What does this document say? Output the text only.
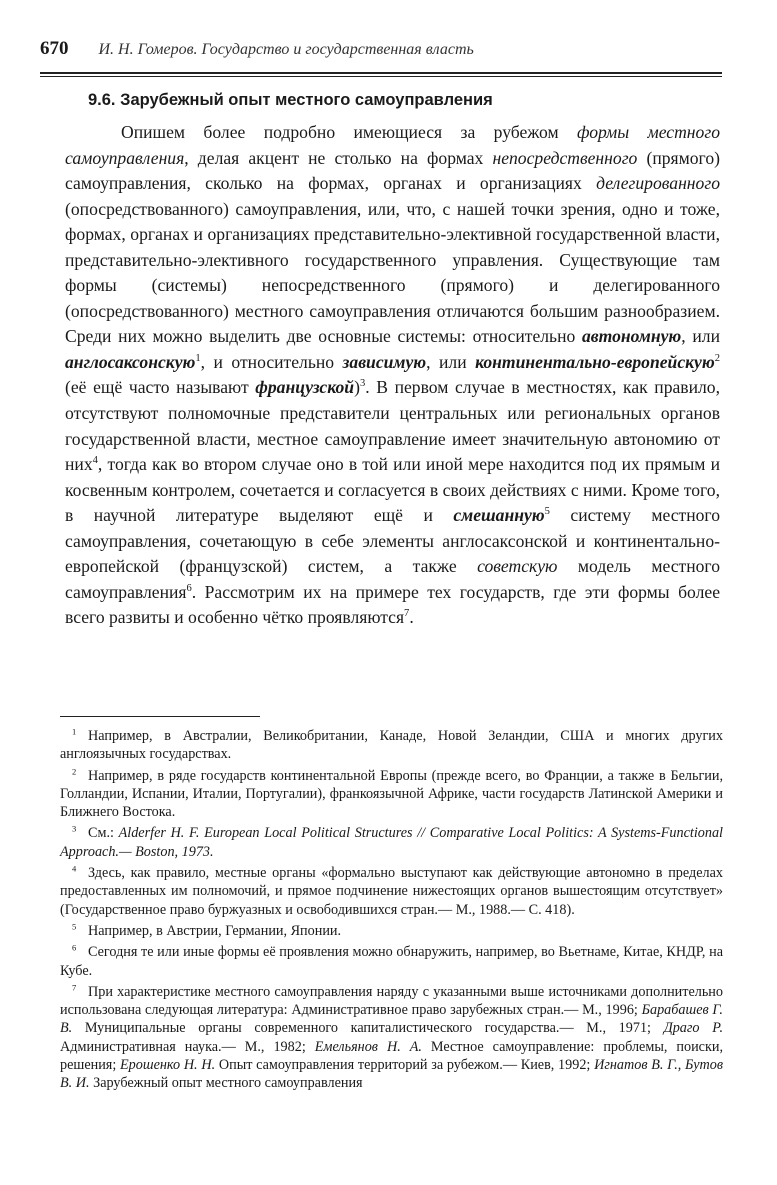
670 И. Н. Гомеров. Государство и государственная власть
9.6. Зарубежный опыт местного самоуправления

Опишем более подробно имеющиеся за рубежом формы местного самоуправления, делая акцент не столько на формах непосредственного (прямого) самоуправления, сколько на формах, органах и организациях делегированного (опосредствованного) самоуправления, или, что, с нашей точки зрения, одно и тоже, формах, органах и организациях представительно-элективной государственной власти, представительно-элективного государственного управления. Существующие там формы (системы) непосредственного (прямого) и делегированного (опосредствованного) местного самоуправления отличаются большим разнообразием. Среди них можно выделить две основные системы: относительно автономную, или англосаксонскую$^1$, и относительно зависимую, или континентально-европейскую$^2$ (её ещё часто называют французской)$^3$. В первом случае в местностях, как правило, отсутствуют полномочные представители центральных или региональных органов государственной власти, местное самоуправление имеет значительную автономию от них$^4$, тогда как во втором случае оно в той или иной мере находится под их прямым и косвенным контролем, сочетается и согласуется в своих действиях с ними. Кроме того, в научной литературе выделяют ещё и смешанную$^5$ систему местного самоуправления, сочетающую в себе элементы англосаксонской и континентально-европейской (французской) систем, а также советскую модель местного самоуправления$^6$. Рассмотрим их на примере тех государств, где эти формы более всего развиты и особенно чётко проявляются$^7$.

$^1$ Например, в Австралии, Великобритании, Канаде, Новой Зеландии, США и многих других англоязычных государствах.

$^2$ Например, в ряде государств континентальной Европы (прежде всего, во Франции, а также в Бельгии, Голландии, Испании, Италии, Португалии), франкоязычной Африке, части государств Латинской Америки и Ближнего Востока.

$^3$ См.: Alderfer H. F. European Local Political Structures // Comparative Local Politics: A Systems-Functional Approach.— Boston, 1973.

$^4$ Здесь, как правило, местные органы «формально выступают как действующие автономно в пределах предоставленных им полномочий, и прямое подчинение нижестоящих органов вышестоящим отсутствует» (Государственное право буржуазных и освободившихся стран.— М., 1988.— С. 418).

$^5$ Например, в Австрии, Германии, Японии.

$^6$ Сегодня те или иные формы её проявления можно обнаружить, например, во Вьетнаме, Китае, КНДР, на Кубе.

$^7$ При характеристике местного самоуправления наряду с указанными выше источниками дополнительно использована следующая литература: Административное право зарубежных стран.— М., 1996; Барабашев Г. В. Муниципальные органы современного капиталистического государства.— М., 1971; Драго Р. Административная наука.— М., 1982; Емельянов Н. А. Местное самоуправление: проблемы, поиски, решения; Ерошенко Н. Н. Опыт самоуправления территорий за рубежом.— Киев, 1992; Игнатов В. Г., Бутов В. И. Зарубежный опыт местного самоуправления
